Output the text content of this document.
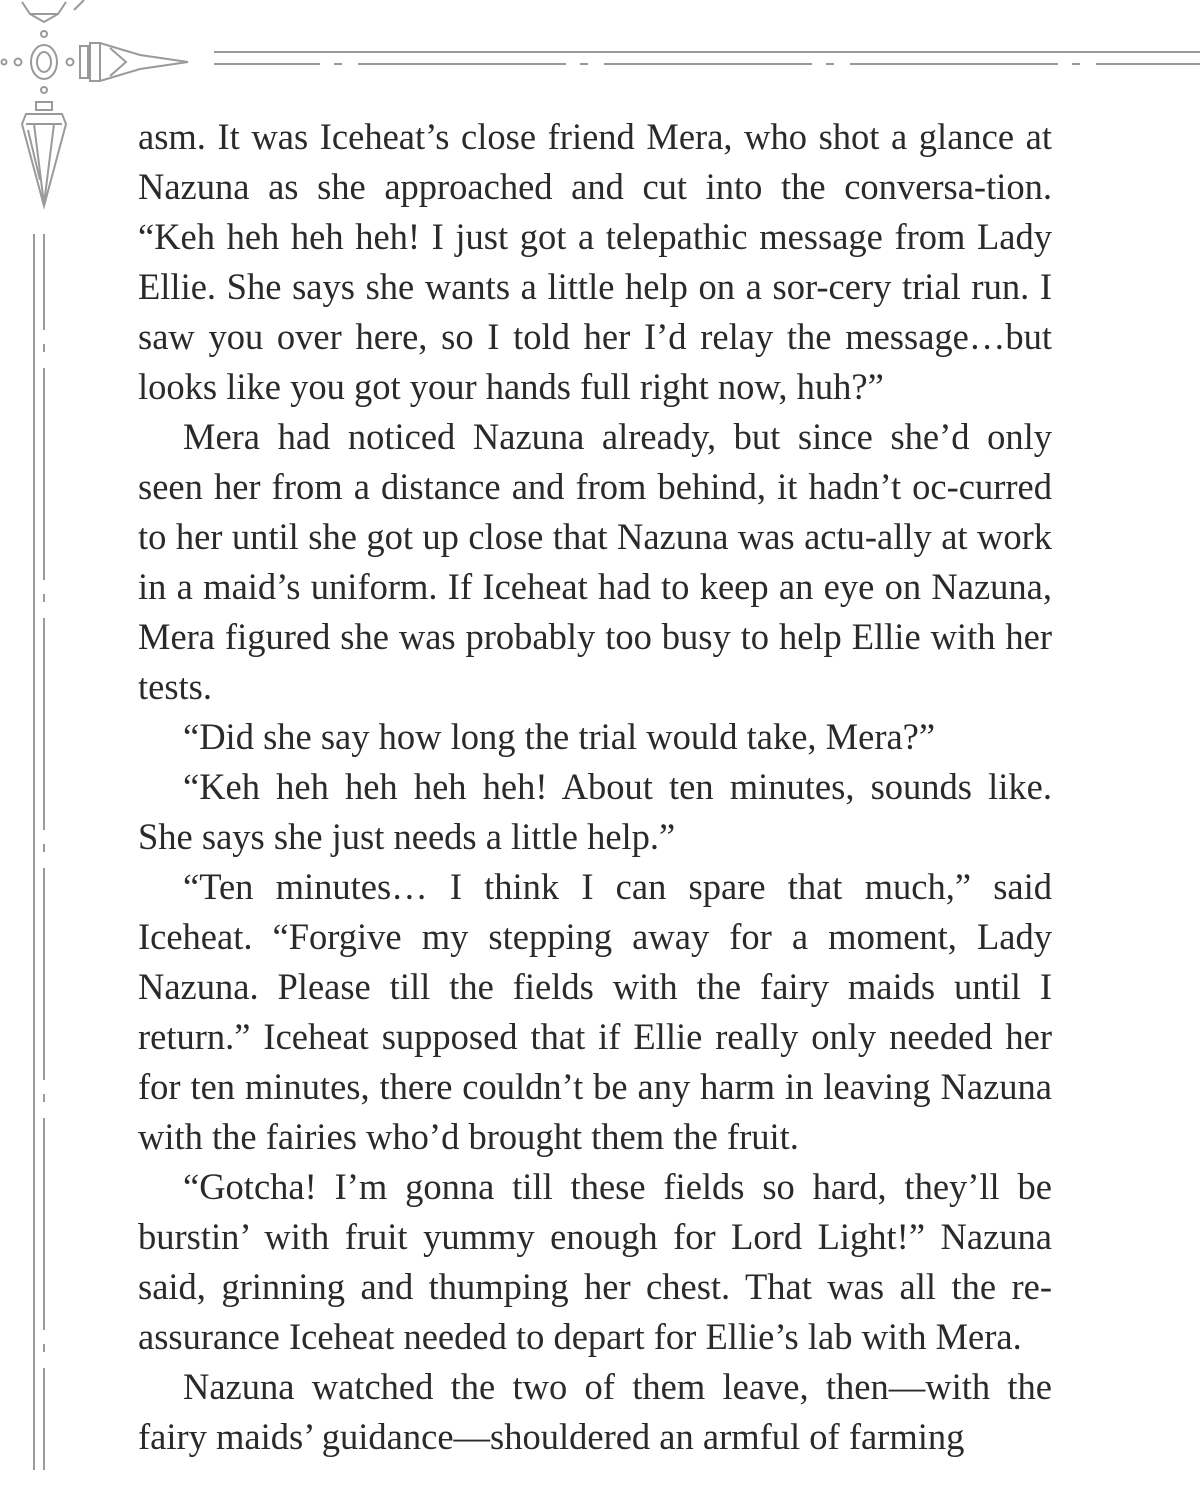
asm. It was Iceheat’s close friend Mera, who shot a glance at Nazuna as she approached and cut into the conversa-tion. “Keh heh heh heh! I just got a telepathic message from Lady Ellie. She says she wants a little help on a sor-cery trial run. I saw you over here, so I told her I’d relay the message…but looks like you got your hands full right now, huh?”

Mera had noticed Nazuna already, but since she’d only seen her from a distance and from behind, it hadn’t oc-curred to her until she got up close that Nazuna was actu-ally at work in a maid’s uniform. If Iceheat had to keep an eye on Nazuna, Mera figured she was probably too busy to help Ellie with her tests.

“Did she say how long the trial would take, Mera?”

“Keh heh heh heh heh! About ten minutes, sounds like. She says she just needs a little help.”

“Ten minutes… I think I can spare that much,” said Iceheat. “Forgive my stepping away for a moment, Lady Nazuna. Please till the fields with the fairy maids until I return.” Iceheat supposed that if Ellie really only needed her for ten minutes, there couldn’t be any harm in leaving Nazuna with the fairies who’d brought them the fruit.

“Gotcha! I’m gonna till these fields so hard, they’ll be burstin’ with fruit yummy enough for Lord Light!” Nazuna said, grinning and thumping her chest. That was all the re-assurance Iceheat needed to depart for Ellie’s lab with Mera.

Nazuna watched the two of them leave, then—with the fairy maids’ guidance—shouldered an armful of farming
